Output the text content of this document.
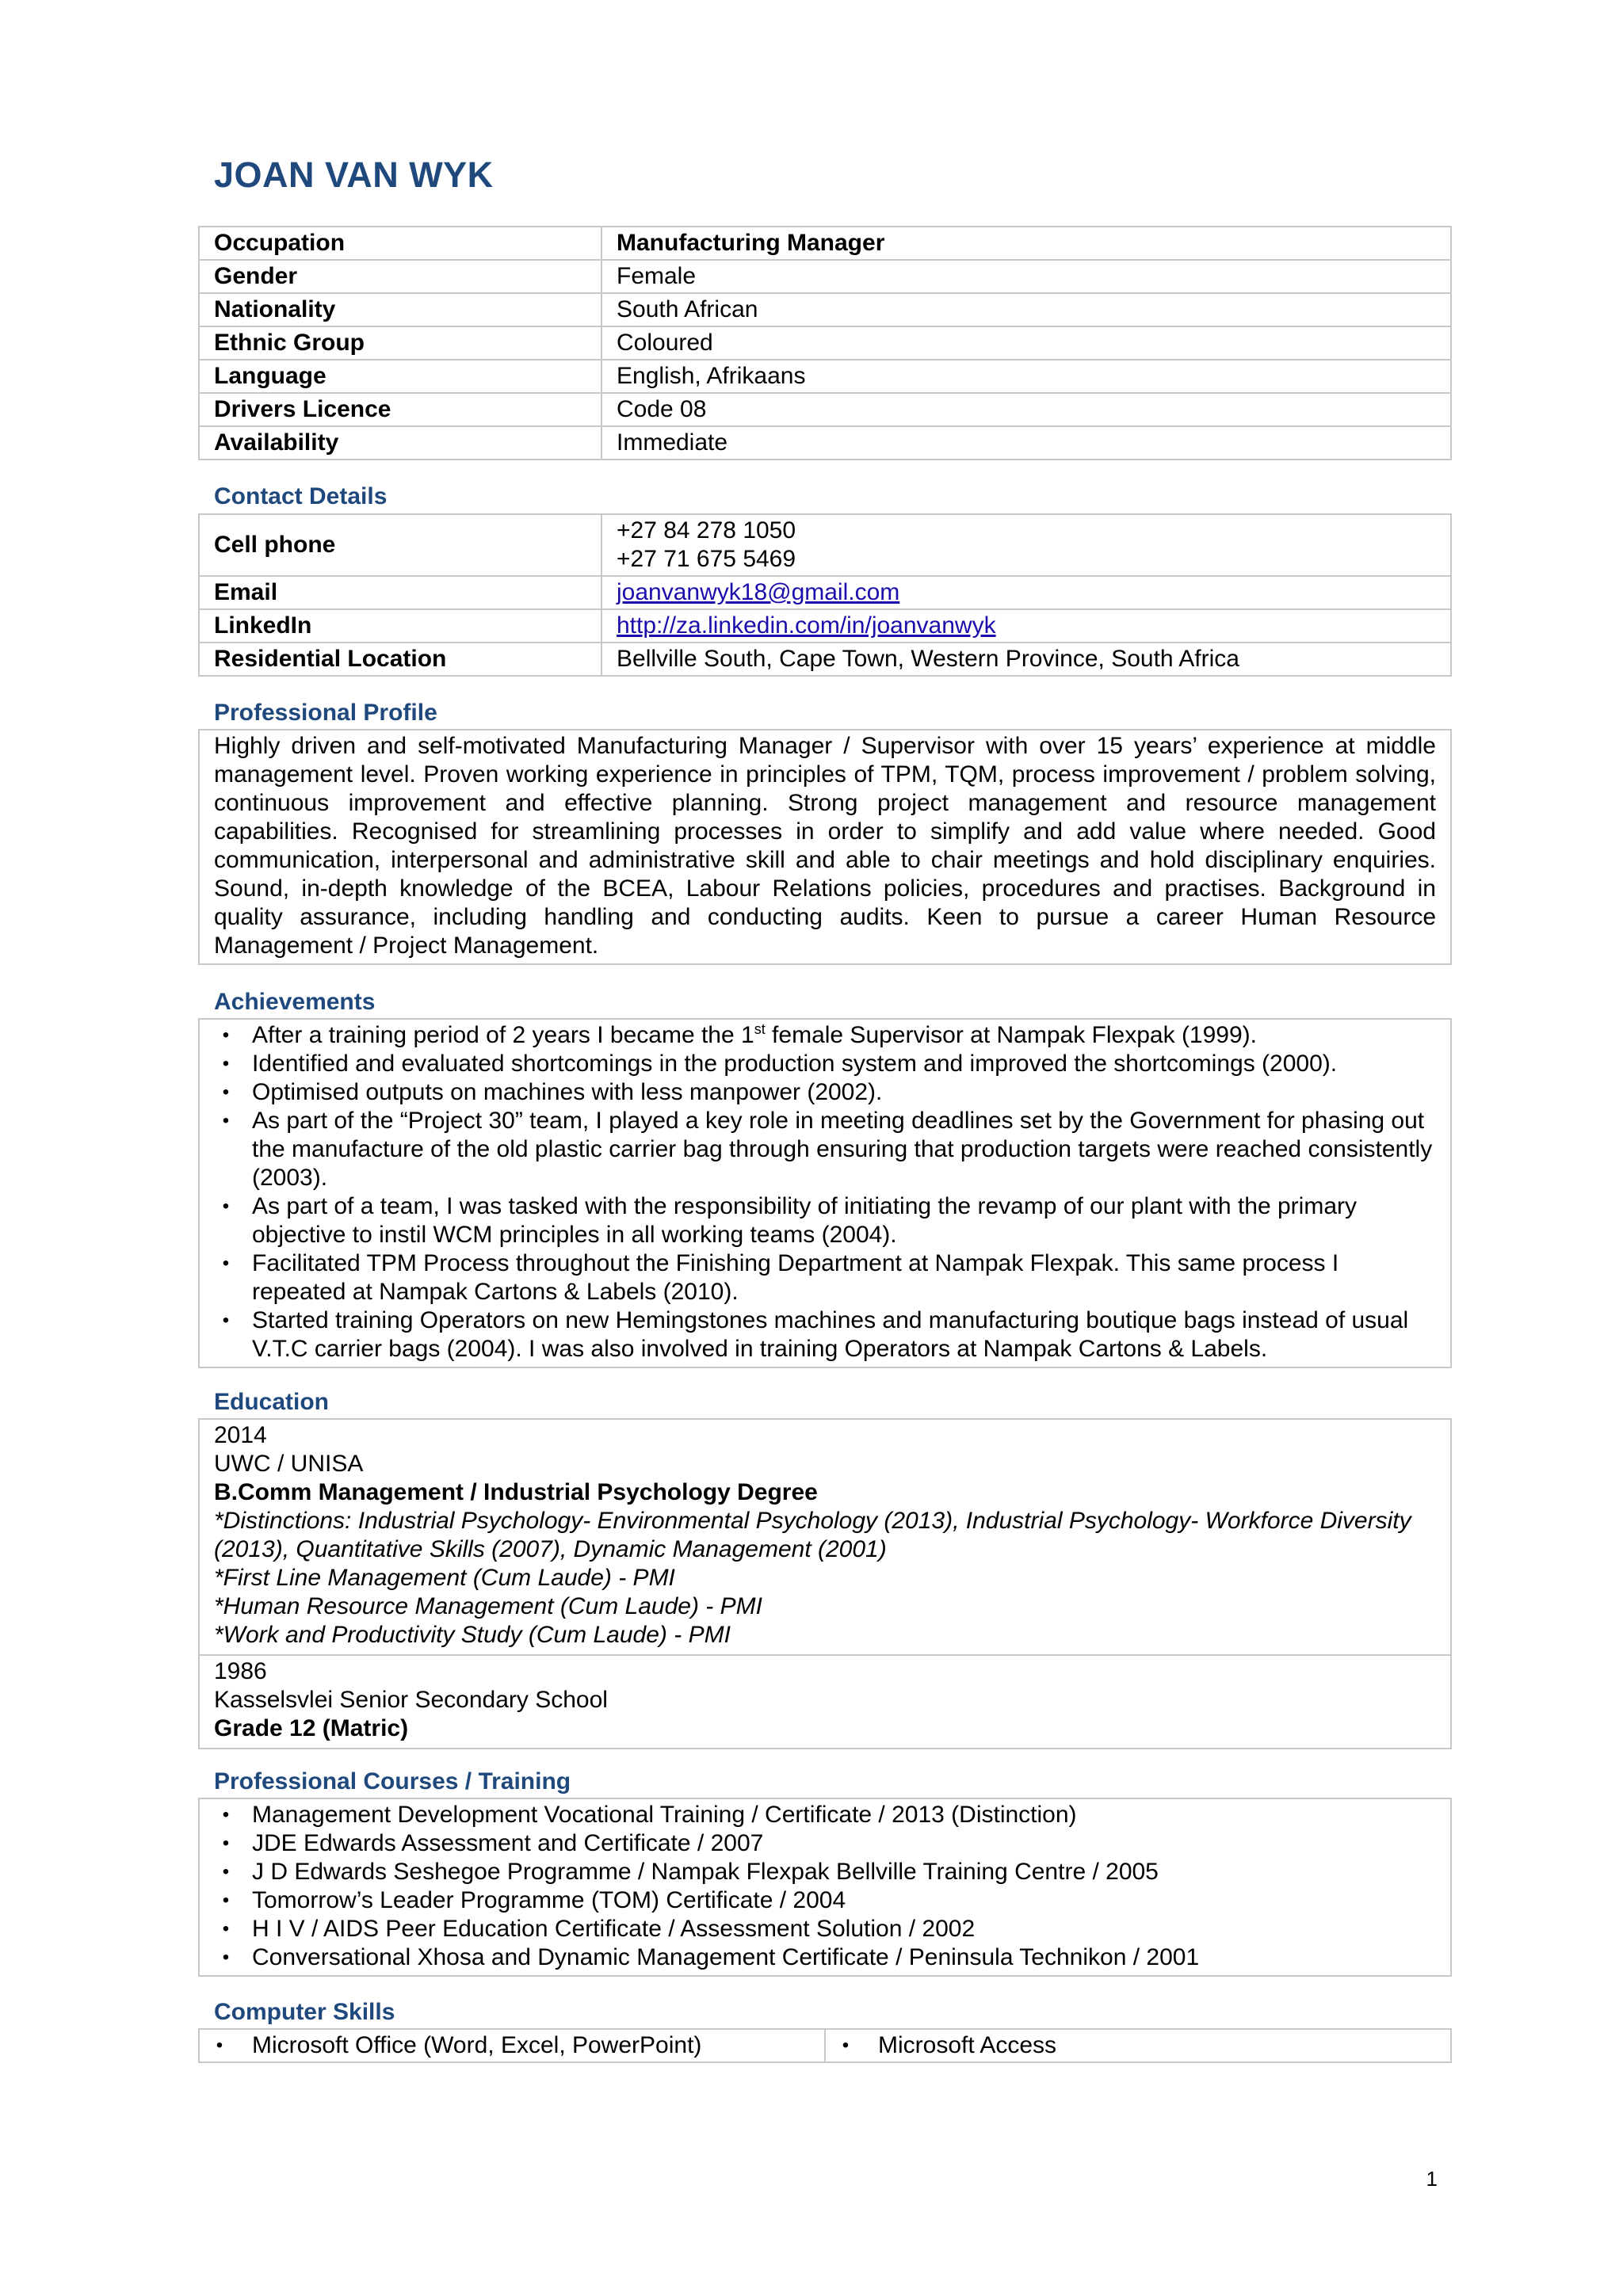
JOAN VAN WYK
Occupation	Manufacturing Manager
Gender	Female
Nationality	South African
Ethnic Group	Coloured
Language	English, Afrikaans
Drivers Licence	Code 08
Availability	Immediate
Contact Details
Cell phone	+27 84 278 1050
+27 71 675 5469

Email	joanvanwyk18@gmail.com
LinkedIn	http://za.linkedin.com/in/joanvanwyk
Residential Location	Bellville South, Cape Town, Western Province, South Africa
Professional Profile
Highly driven and self-motivated Manufacturing Manager / Supervisor with over 15 years’ experience at middle management level. Proven working experience in principles of TPM, TQM, process improvement / problem solving, continuous improvement and effective planning. Strong project management and resource management capabilities. Recognised for streamlining processes in order to simplify and add value where needed. Good communication, interpersonal and administrative skill and able to chair meetings and hold disciplinary enquiries. Sound, in-depth knowledge of the BCEA, Labour Relations policies, procedures and practises. Background in quality assurance, including handling and conducting audits. Keen to pursue a career Human Resource Management / Project Management.
Achievements
• After a training period of 2 years I became the 1st female Supervisor at Nampak Flexpak (1999).
• Identified and evaluated shortcomings in the production system and improved the shortcomings (2000).
• Optimised outputs on machines with less manpower (2002).
• As part of the “Project 30” team, I played a key role in meeting deadlines set by the Government for phasing out the manufacture of the old plastic carrier bag through ensuring that production targets were reached consistently (2003).
• As part of a team, I was tasked with the responsibility of initiating the revamp of our plant with the primary objective to instil WCM principles in all working teams (2004).
• Facilitated TPM Process throughout the Finishing Department at Nampak Flexpak. This same process I repeated at Nampak Cartons & Labels (2010).
• Started training Operators on new Hemingstones machines and manufacturing boutique bags instead of usual V.T.C carrier bags (2004). I was also involved in training Operators at Nampak Cartons & Labels.
Education
2014
UWC / UNISA
B.Comm Management / Industrial Psychology Degree
*Distinctions: Industrial Psychology- Environmental Psychology (2013), Industrial Psychology- Workforce Diversity (2013), Quantitative Skills (2007), Dynamic Management (2001)
*First Line Management (Cum Laude) - PMI
*Human Resource Management (Cum Laude) - PMI
*Work and Productivity Study (Cum Laude) - PMI
1986
Kasselsvlei Senior Secondary School
Grade 12 (Matric)
Professional Courses / Training
• Management Development Vocational Training / Certificate / 2013 (Distinction)
• JDE Edwards Assessment and Certificate / 2007
• J D Edwards Seshegoe Programme / Nampak Flexpak Bellville Training Centre / 2005
• Tomorrow’s Leader Programme (TOM) Certificate / 2004
• H I V / AIDS Peer Education Certificate / Assessment Solution / 2002
• Conversational Xhosa and Dynamic Management Certificate / Peninsula Technikon / 2001
Computer Skills
•	Microsoft Office (Word, Excel, PowerPoint)	•	Microsoft Access
1
